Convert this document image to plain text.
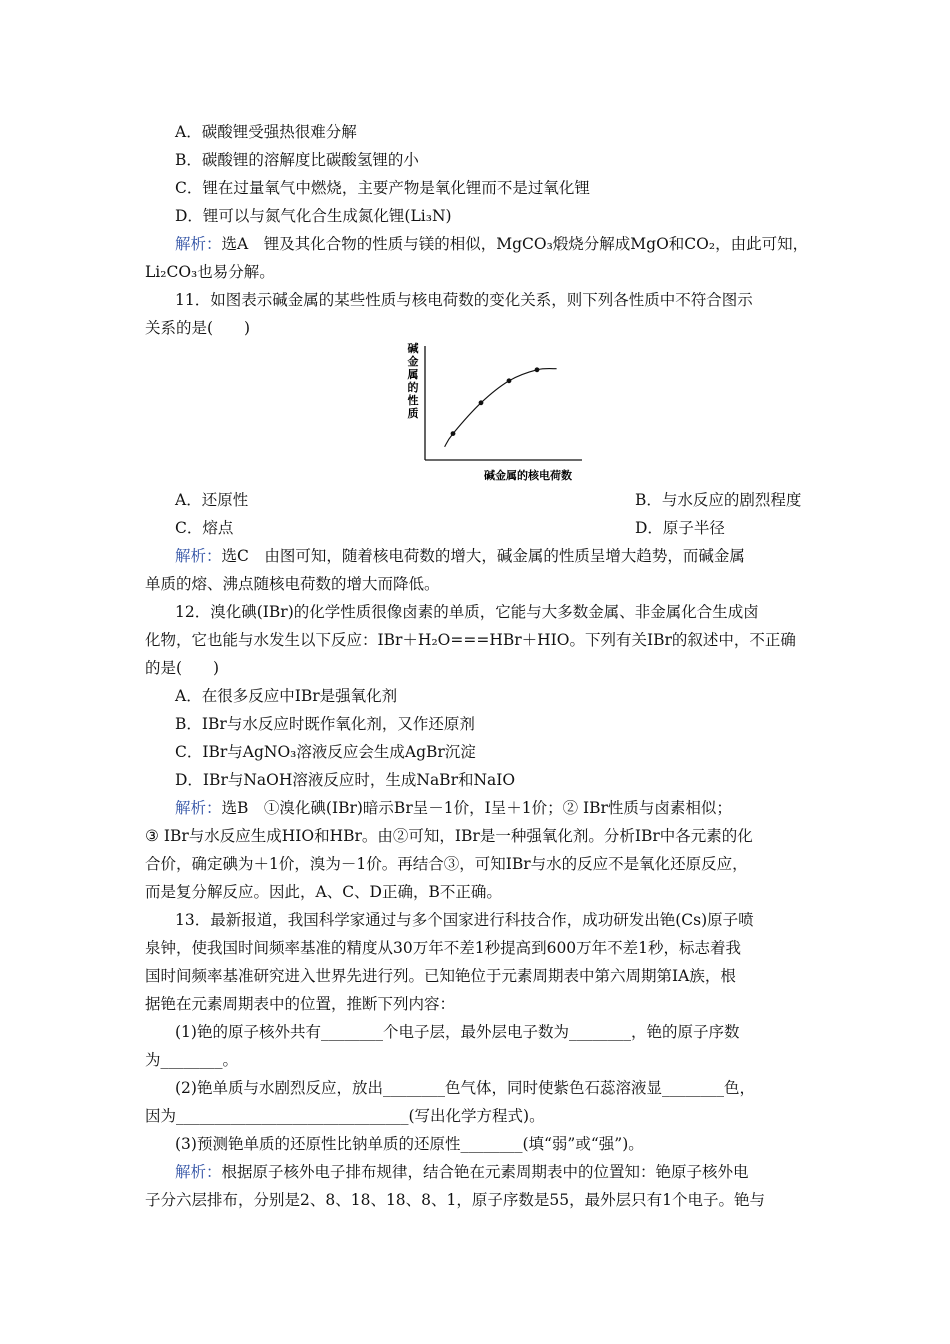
A．碳酸锂受强热很难分解
B．碳酸锂的溶解度比碳酸氢锂的小
C．锂在过量氧气中燃烧，主要产物是氧化锂而不是过氧化锂
D．锂可以与氮气化合生成氮化锂(Li₃N)
解析：选A　锂及其化合物的性质与镁的相似，MgCO₃煅烧分解成MgO和CO₂，由此可知，
Li₂CO₃也易分解。
11．如图表示碱金属的某些性质与核电荷数的变化关系，则下列各性质中不符合图示
关系的是(　　)
碱金属的性质
碱金属的核电荷数
A．还原性	B．与水反应的剧烈程度
C．熔点	D．原子半径
解析：选C　由图可知，随着核电荷数的增大，碱金属的性质呈增大趋势，而碱金属
单质的熔、沸点随核电荷数的增大而降低。
12．溴化碘(IBr)的化学性质很像卤素的单质，它能与大多数金属、非金属化合生成卤
化物，它也能与水发生以下反应：IBr＋H₂O===HBr＋HIO。下列有关IBr的叙述中，不正确
的是(　　)
A．在很多反应中IBr是强氧化剂
B．IBr与水反应时既作氧化剂，又作还原剂
C．IBr与AgNO₃溶液反应会生成AgBr沉淀
D．IBr与NaOH溶液反应时，生成NaBr和NaIO
解析：选B　①溴化碘(IBr)暗示Br呈－1价，I呈＋1价；② IBr性质与卤素相似；
③ IBr与水反应生成HIO和HBr。由②可知，IBr是一种强氧化剂。分析IBr中各元素的化
合价，确定碘为＋1价，溴为－1价。再结合③，可知IBr与水的反应不是氧化还原反应，
而是复分解反应。因此，A、C、D正确，B不正确。
13．最新报道，我国科学家通过与多个国家进行科技合作，成功研发出铯(Cs)原子喷
泉钟，使我国时间频率基准的精度从30万年不差1秒提高到600万年不差1秒，标志着我
国时间频率基准研究进入世界先进行列。已知铯位于元素周期表中第六周期第ⅠA族，根
据铯在元素周期表中的位置，推断下列内容：
(1)铯的原子核外共有________个电子层，最外层电子数为________，铯的原子序数
为________。
(2)铯单质与水剧烈反应，放出________色气体，同时使紫色石蕊溶液显________色，
因为______________________________(写出化学方程式)。
(3)预测铯单质的还原性比钠单质的还原性________(填“弱”或“强”)。
解析：根据原子核外电子排布规律，结合铯在元素周期表中的位置知：铯原子核外电
子分六层排布，分别是2、8、18、18、8、1，原子序数是55，最外层只有1个电子。铯与
